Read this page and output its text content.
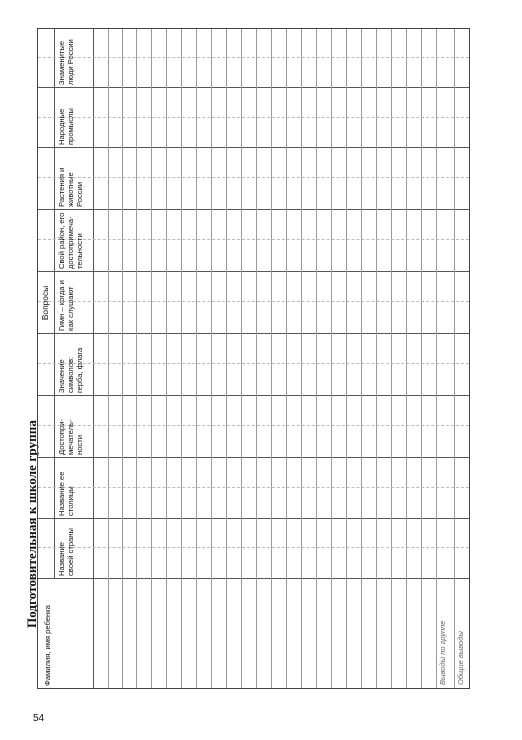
Подготовительная к школе группа
Фамилия, имя ребенка
Вопросы
Название своей страны
Название ее столицы
Достопри-мечатель-ности
Значение символов: герба, флага
Гимн – когда и как слушают
Свой район, его достопримеча-тельности
Растения и животные России
Народные промыслы
Знаменитые люди России
Выводы по группе Общие выводы
54
